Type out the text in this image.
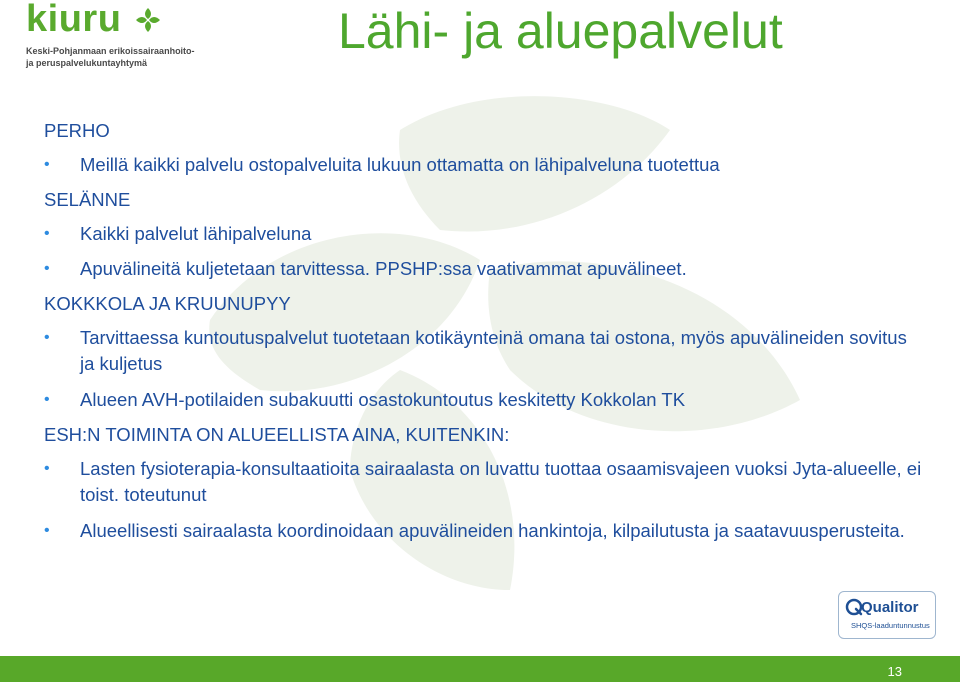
kiuru
Keski-Pohjanmaan erikoissairaanhoito-
ja peruspalvelukuntayhtymä
Lähi- ja aluepalvelut

PERHO

• Meillä kaikki palvelu ostopalveluita lukuun ottamatta on lähipalveluna tuotettua

SELÄNNE

• Kaikki palvelut lähipalveluna

• Apuvälineitä kuljetetaan tarvittessa. PPSHP:ssa vaativammat apuvälineet.

KOKKKOLA JA KRUUNUPYY

• Tarvittaessa kuntoutuspalvelut tuotetaan kotikäynteinä omana tai ostona, myös apuvälineiden sovitus ja kuljetus

• Alueen AVH-potilaiden subakuutti osastokuntoutus keskitetty Kokkolan TK

ESH:N TOIMINTA ON ALUEELLISTA AINA, KUITENKIN:

• Lasten fysioterapia-konsultaatioita sairaalasta on luvattu tuottaa osaamisvajeen vuoksi Jyta-alueelle, ei toist. toteutunut

• Alueellisesti sairaalasta koordinoidaan apuvälineiden hankintoja, kilpailutusta ja saatavuusperusteita.

Qualitor
SHQS-laaduntunnustus
13
